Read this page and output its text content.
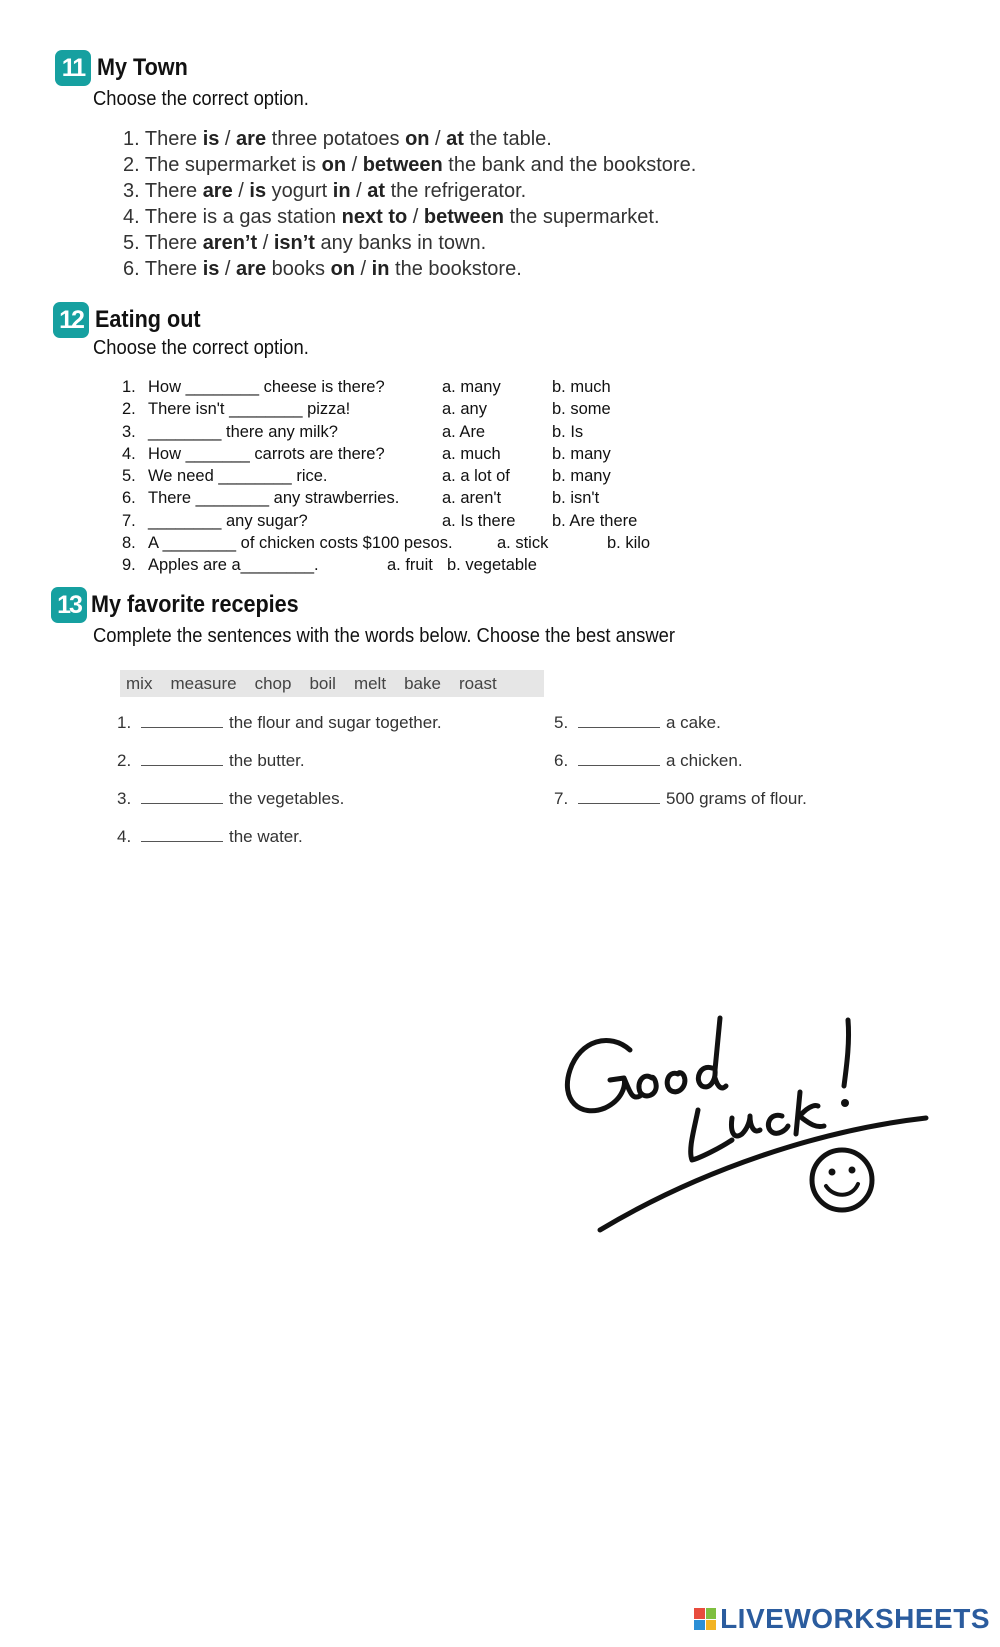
11 My Town
Choose the correct option.
1. There is / are three potatoes on / at the table.
2. The supermarket is on / between the bank and the bookstore.
3. There are / is yogurt in / at the refrigerator.
4. There is a gas station next to / between the supermarket.
5. There aren’t / isn’t any banks in town.
6. There is / are books on / in the bookstore.
12 Eating out
Choose the correct option.
1. How ________ cheese is there?	a. many	b. much
2. There isn't ________ pizza!	a. any	b. some
3. ________ there any milk?	a. Are	b. Is
4. How _______ carrots are there?	a. much	b. many
5. We need ________ rice.	a. a lot of	b. many
6. There ________ any strawberries.	a. aren't	b. isn't
7. ________ any sugar?	a. Is there b. Are there
8. A ________ of chicken costs $100 pesos.	a. stick	b. kilo
9. Apples are a________.	a. fruit b. vegetable
13 My favorite recepies
Complete the sentences with the words below. Choose the best answer
mix measure chop boil melt bake roast
1.	the flour and sugar together.
2.	the butter.
3.	the vegetables.
4.	the water.
5.	a cake.
6.	a chicken.
7.	500 grams of flour.
LIVEWORKSHEETS
